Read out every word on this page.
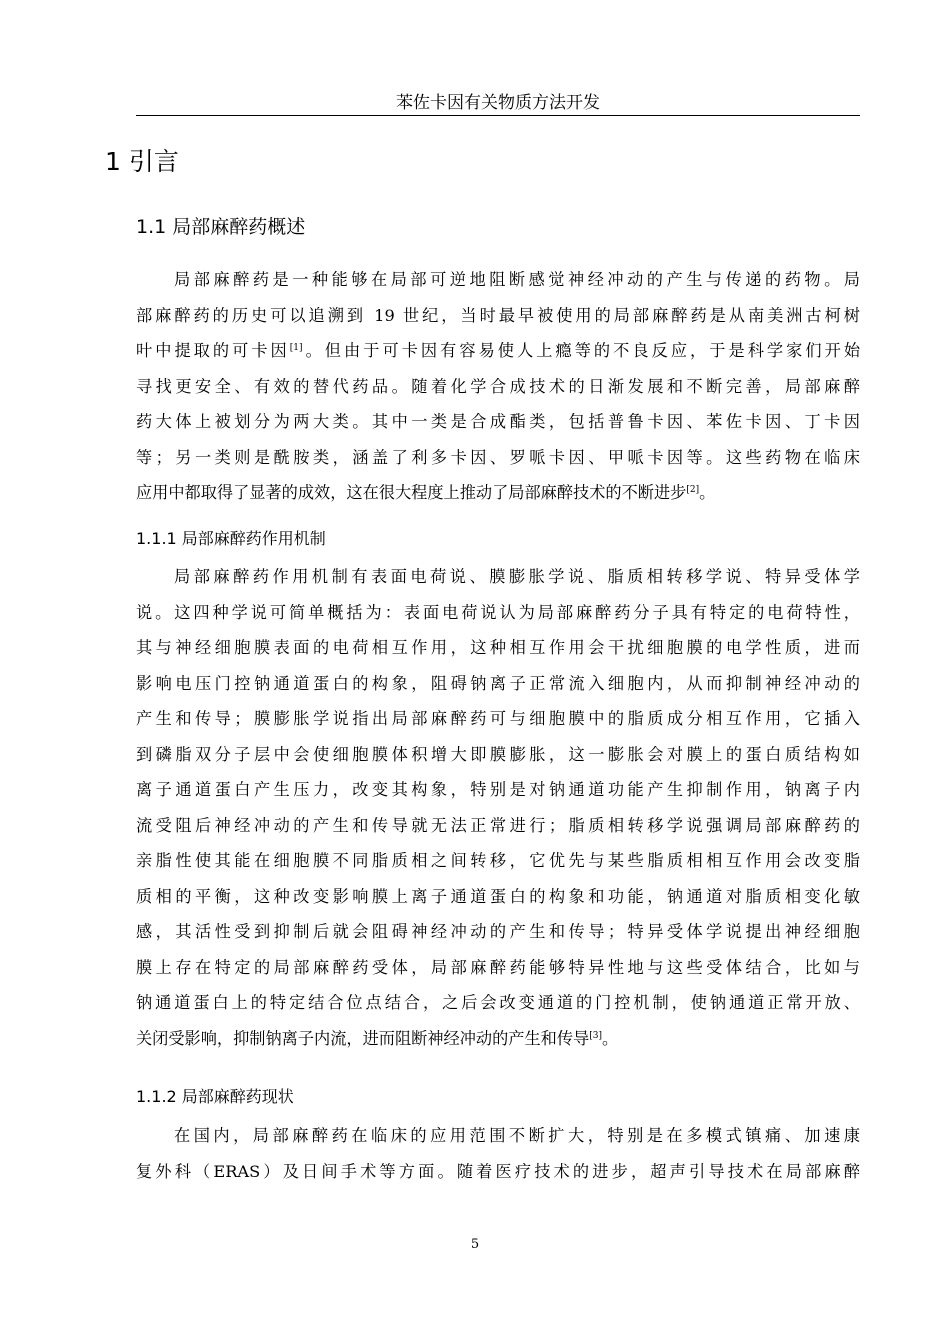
苯佐卡因有关物质方法开发
1 引言
1.1 局部麻醉药概述
局部麻醉药是一种能够在局部可逆地阻断感觉神经冲动的产生与传递的药物。局
部麻醉药的历史可以追溯到 19 世纪，当时最早被使用的局部麻醉药是从南美洲古柯树
叶中提取的可卡因[1]。但由于可卡因有容易使人上瘾等的不良反应，于是科学家们开始
寻找更安全、有效的替代药品。随着化学合成技术的日渐发展和不断完善，局部麻醉
药大体上被划分为两大类。其中一类是合成酯类，包括普鲁卡因、苯佐卡因、丁卡因
等；另一类则是酰胺类，涵盖了利多卡因、罗哌卡因、甲哌卡因等。这些药物在临床
应用中都取得了显著的成效，这在很大程度上推动了局部麻醉技术的不断进步[2]。
1.1.1 局部麻醉药作用机制
局部麻醉药作用机制有表面电荷说、膜膨胀学说、脂质相转移学说、特异受体学
说。这四种学说可简单概括为：表面电荷说认为局部麻醉药分子具有特定的电荷特性，
其与神经细胞膜表面的电荷相互作用，这种相互作用会干扰细胞膜的电学性质，进而
影响电压门控钠通道蛋白的构象，阻碍钠离子正常流入细胞内，从而抑制神经冲动的
产生和传导；膜膨胀学说指出局部麻醉药可与细胞膜中的脂质成分相互作用，它插入
到磷脂双分子层中会使细胞膜体积增大即膜膨胀，这一膨胀会对膜上的蛋白质结构如
离子通道蛋白产生压力，改变其构象，特别是对钠通道功能产生抑制作用，钠离子内
流受阻后神经冲动的产生和传导就无法正常进行；脂质相转移学说强调局部麻醉药的
亲脂性使其能在细胞膜不同脂质相之间转移，它优先与某些脂质相相互作用会改变脂
质相的平衡，这种改变影响膜上离子通道蛋白的构象和功能，钠通道对脂质相变化敏
感，其活性受到抑制后就会阻碍神经冲动的产生和传导；特异受体学说提出神经细胞
膜上存在特定的局部麻醉药受体，局部麻醉药能够特异性地与这些受体结合，比如与
钠通道蛋白上的特定结合位点结合，之后会改变通道的门控机制，使钠通道正常开放、
关闭受影响，抑制钠离子内流，进而阻断神经冲动的产生和传导[3]。
1.1.2 局部麻醉药现状
在国内，局部麻醉药在临床的应用范围不断扩大，特别是在多模式镇痛、加速康
复外科（ERAS）及日间手术等方面。随着医疗技术的进步，超声引导技术在局部麻醉
5
